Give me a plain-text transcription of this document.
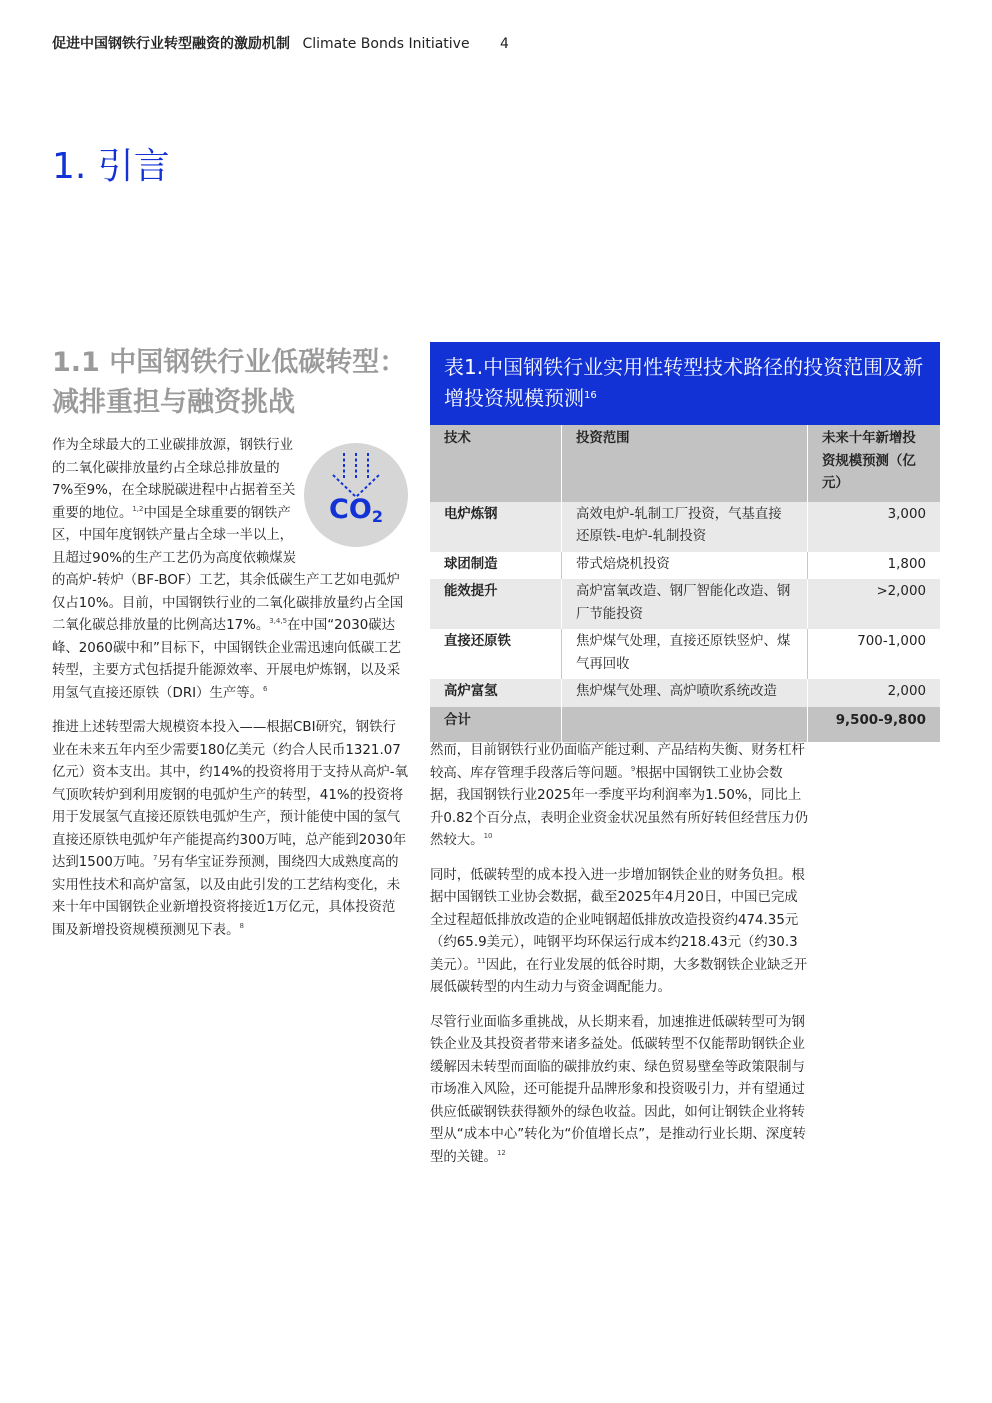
促进中国钢铁行业转型融资的激励机制 Climate Bonds Initiative 4
1. 引言
1.1 中国钢铁行业低碳转型：减排重担与融资挑战

$CO_2$
作为全球最大的工业碳排放源，钢铁行业的二氧化碳排放量约占全球总排放量的7%至9%，在全球脱碳进程中占据着至关重要的地位。$^{1,2}$中国是全球重要的钢铁产区，中国年度钢铁产量占全球一半以上，且超过90%的生产工艺仍为高度依赖煤炭的高炉-转炉（BF-BOF）工艺，其余低碳生产工艺如电弧炉仅占10%。目前，中国钢铁行业的二氧化碳排放量约占全国二氧化碳总排放量的比例高达17%。$^{3,4,5}$在中国“2030碳达峰、2060碳中和”目标下，中国钢铁企业需迅速向低碳工艺转型，主要方式包括提升能源效率、开展电炉炼钢，以及采用氢气直接还原铁（DRI）生产等。$^6$

推进上述转型需大规模资本投入——根据CBI研究，钢铁行业在未来五年内至少需要180亿美元（约合人民币1321.07亿元）资本支出。其中，约14%的投资将用于支持从高炉-氧气顶吹转炉到利用废钢的电弧炉生产的转型，41%的投资将用于发展氢气直接还原铁电弧炉生产，预计能使中国的氢气直接还原铁电弧炉年产能提高约300万吨，总产能到2030年达到1500万吨。$^7$另有华宝证券预测，围绕四大成熟度高的实用性技术和高炉富氢，以及由此引发的工艺结构变化，未来十年中国钢铁企业新增投资将接近1万亿元，具体投资范围及新增投资规模预测见下表。$^8$

表1.中国钢铁行业实用性转型技术路径的投资范围及新增投资规模预测$^{16}$
技术	投资范围	未来十年新增投资规模预测（亿元）
电炉炼钢	高效电炉-轧制工厂投资，气基直接还原铁-电炉-轧制投资	3,000
球团制造	带式焙烧机投资	1,800
能效提升	高炉富氧改造、钢厂智能化改造、钢厂节能投资	>2,000
直接还原铁	焦炉煤气处理，直接还原铁竖炉、煤气再回收	700-1,000
高炉富氢	焦炉煤气处理、高炉喷吹系统改造	2,000
合计		9,500-9,800

然而，目前钢铁行业仍面临产能过剩、产品结构失衡、财务杠杆较高、库存管理手段落后等问题。$^9$根据中国钢铁工业协会数据，我国钢铁行业2025年一季度平均利润率为1.50%，同比上升0.82个百分点，表明企业资金状况虽然有所好转但经营压力仍然较大。$^{10}$

同时，低碳转型的成本投入进一步增加钢铁企业的财务负担。根据中国钢铁工业协会数据，截至2025年4月20日，中国已完成全过程超低排放改造的企业吨钢超低排放改造投资约474.35元（约65.9美元），吨钢平均环保运行成本约218.43元（约30.3美元）。$^{11}$因此，在行业发展的低谷时期，大多数钢铁企业缺乏开展低碳转型的内生动力与资金调配能力。

尽管行业面临多重挑战，从长期来看，加速推进低碳转型可为钢铁企业及其投资者带来诸多益处。低碳转型不仅能帮助钢铁企业缓解因未转型而面临的碳排放约束、绿色贸易壁垒等政策限制与市场准入风险，还可能提升品牌形象和投资吸引力，并有望通过供应低碳钢铁获得额外的绿色收益。因此，如何让钢铁企业将转型从“成本中心”转化为“价值增长点”，是推动行业长期、深度转型的关键。$^{12}$
